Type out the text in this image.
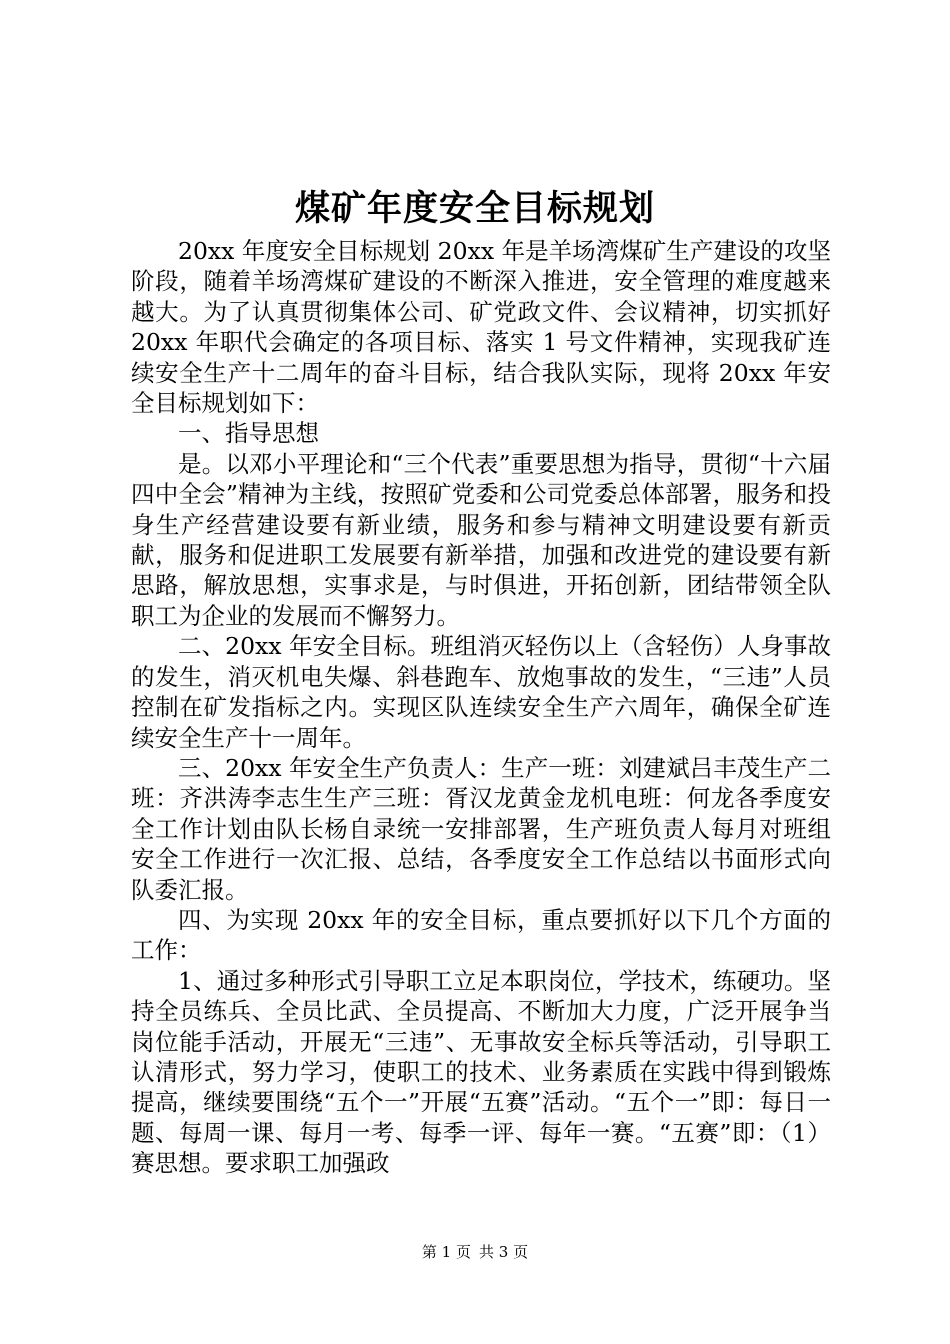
煤矿年度安全目标规划

20xx 年度安全目标规划 20xx 年是羊场湾煤矿生产建设的攻坚阶段，随着羊场湾煤矿建设的不断深入推进，安全管理的难度越来越大。为了认真贯彻集体公司、矿党政文件、会议精神，切实抓好 20xx 年职代会确定的各项目标、落实 1 号文件精神，实现我矿连续安全生产十二周年的奋斗目标，结合我队实际，现将 20xx 年安全目标规划如下：

一、指导思想

是。以邓小平理论和“三个代表”重要思想为指导，贯彻“十六届四中全会”精神为主线，按照矿党委和公司党委总体部署，服务和投身生产经营建设要有新业绩，服务和参与精神文明建设要有新贡献，服务和促进职工发展要有新举措，加强和改进党的建设要有新思路，解放思想，实事求是，与时俱进，开拓创新，团结带领全队职工为企业的发展而不懈努力。

二、20xx 年安全目标。班组消灭轻伤以上（含轻伤）人身事故的发生，消灭机电失爆、斜巷跑车、放炮事故的发生，“三违”人员控制在矿发指标之内。实现区队连续安全生产六周年，确保全矿连续安全生产十一周年。

三、20xx 年安全生产负责人：生产一班：刘建斌吕丰茂生产二班：齐洪涛李志生生产三班：胥汉龙黄金龙机电班：何龙各季度安全工作计划由队长杨自录统一安排部署，生产班负责人每月对班组安全工作进行一次汇报、总结，各季度安全工作总结以书面形式向队委汇报。

四、为实现 20xx 年的安全目标，重点要抓好以下几个方面的工作：

1、通过多种形式引导职工立足本职岗位，学技术，练硬功。坚持全员练兵、全员比武、全员提高、不断加大力度，广泛开展争当岗位能手活动，开展无“三违”、无事故安全标兵等活动，引导职工认清形式，努力学习，使职工的技术、业务素质在实践中得到锻炼提高，继续要围绕“五个一”开展“五赛”活动。“五个一”即：每日一题、每周一课、每月一考、每季一评、每年一赛。“五赛”即：（1）赛思想。要求职工加强政

第 1 页 共 3 页
